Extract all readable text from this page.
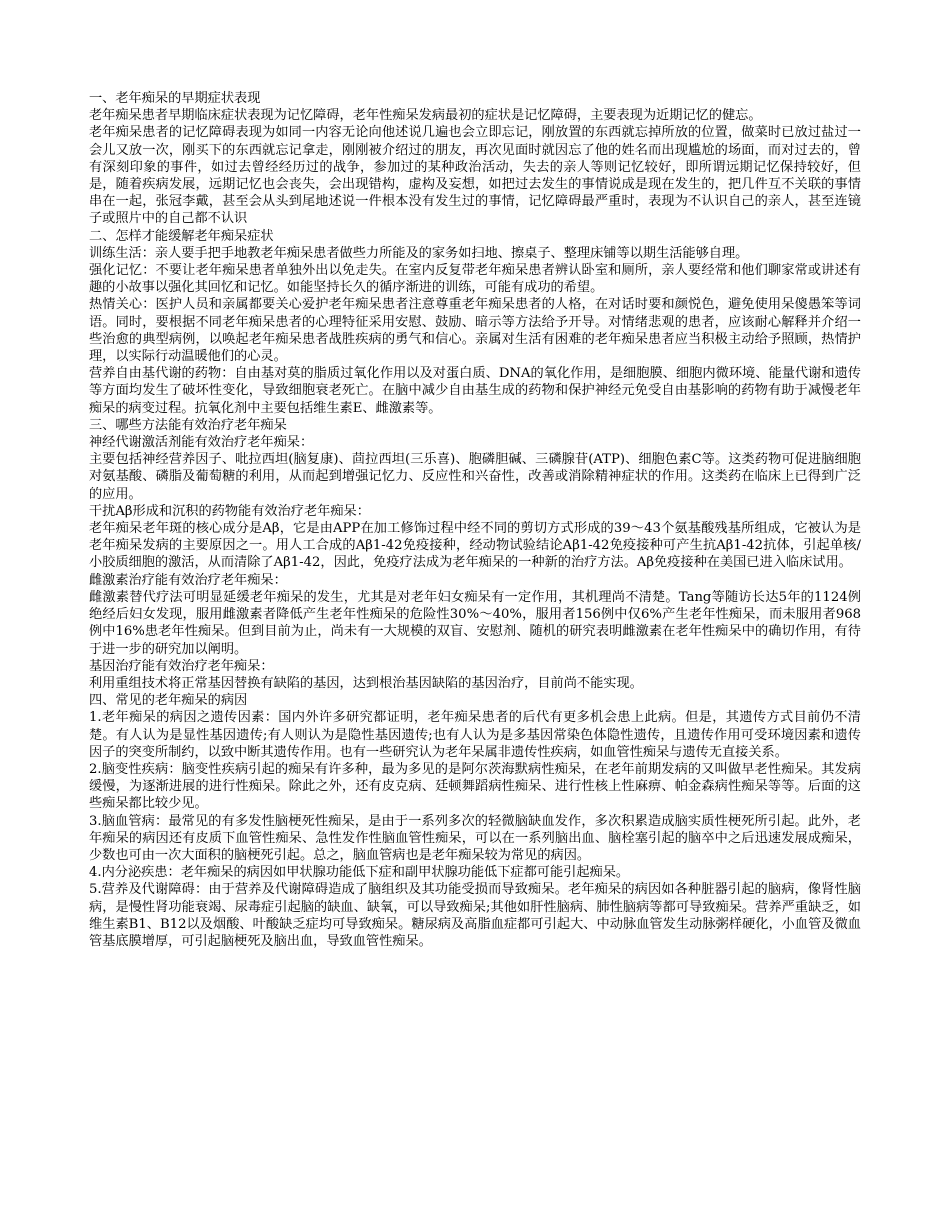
一、老年痴呆的早期症状表现

老年痴呆患者早期临床症状表现为记忆障碍，老年性痴呆发病最初的症状是记忆障碍，主要表现为近期记忆的健忘。

老年痴呆患者的记忆障碍表现为如同一内容无论向他述说几遍也会立即忘记，刚放置的东西就忘掉所放的位置，做菜时已放过盐过一会儿又放一次，刚买下的东西就忘记拿走，刚刚被介绍过的朋友，再次见面时就因忘了他的姓名而出现尴尬的场面，而对过去的，曾有深刻印象的事件，如过去曾经经历过的战争，参加过的某种政治活动，失去的亲人等则记忆较好，即所谓远期记忆保持较好，但是，随着疾病发展，远期记忆也会丧失，会出现错构，虚构及妄想，如把过去发生的事情说成是现在发生的，把几件互不关联的事情串在一起，张冠李戴，甚至会从头到尾地述说一件根本没有发生过的事情，记忆障碍最严重时，表现为不认识自己的亲人，甚至连镜子或照片中的自己都不认识

二、怎样才能缓解老年痴呆症状

训练生活：亲人要手把手地教老年痴呆患者做些力所能及的家务如扫地、擦桌子、整理床铺等以期生活能够自理。

强化记忆：不要让老年痴呆患者单独外出以免走失。在室内反复带老年痴呆患者辨认卧室和厕所，亲人要经常和他们聊家常或讲述有趣的小故事以强化其回忆和记忆。如能坚持长久的循序渐进的训练，可能有成功的希望。

热情关心：医护人员和亲属都要关心爱护老年痴呆患者注意尊重老年痴呆患者的人格，在对话时要和颜悦色，避免使用呆傻愚笨等词语。同时，要根据不同老年痴呆患者的心理特征采用安慰、鼓励、暗示等方法给予开导。对情绪悲观的患者，应该耐心解释并介绍一些治愈的典型病例，以唤起老年痴呆患者战胜疾病的勇气和信心。亲属对生活有困难的老年痴呆患者应当积极主动给予照顾，热情护理，以实际行动温暖他们的心灵。

营养自由基代谢的药物：自由基对莫的脂质过氧化作用以及对蛋白质、DNA的氧化作用，是细胞膜、细胞内微环境、能量代谢和遗传等方面均发生了破坏性变化，导致细胞衰老死亡。在脑中减少自由基生成的药物和保护神经元免受自由基影响的药物有助于减慢老年痴呆的病变过程。抗氧化剂中主要包括维生素E、雌激素等。

三、哪些方法能有效治疗老年痴呆

神经代谢激活剂能有效治疗老年痴呆：

主要包括神经营养因子、吡拉西坦(脑复康)、茴拉西坦(三乐喜)、胞磷胆碱、三磷腺苷(ATP)、细胞色素C等。这类药物可促进脑细胞对氨基酸、磷脂及葡萄糖的利用，从而起到增强记忆力、反应性和兴奋性，改善或消除精神症状的作用。这类药在临床上已得到广泛的应用。

干扰Aβ形成和沉积的药物能有效治疗老年痴呆：

老年痴呆老年斑的核心成分是Aβ，它是由APP在加工修饰过程中经不同的剪切方式形成的39～43个氨基酸残基所组成，它被认为是老年痴呆发病的主要原因之一。用人工合成的Aβ1-42免疫接种，经动物试验结论Aβ1-42免疫接种可产生抗Aβ1-42抗体，引起单核/小胶质细胞的激活，从而清除了Aβ1-42，因此，免疫疗法成为老年痴呆的一种新的治疗方法。Aβ免疫接种在美国已进入临床试用。

雌激素治疗能有效治疗老年痴呆：

雌激素替代疗法可明显延缓老年痴呆的发生，尤其是对老年妇女痴呆有一定作用，其机理尚不清楚。Tang等随访长达5年的1124例绝经后妇女发现，服用雌激素者降低产生老年性痴呆的危险性30%～40%，服用者156例中仅6%产生老年性痴呆，而未服用者968例中16%患老年性痴呆。但到目前为止，尚未有一大规模的双盲、安慰剂、随机的研究表明雌激素在老年性痴呆中的确切作用，有待于进一步的研究加以阐明。

基因治疗能有效治疗老年痴呆：

利用重组技术将正常基因替换有缺陷的基因，达到根治基因缺陷的基因治疗，目前尚不能实现。

四、常见的老年痴呆的病因

1.老年痴呆的病因之遗传因素：国内外许多研究都证明，老年痴呆患者的后代有更多机会患上此病。但是，其遗传方式目前仍不清楚。有人认为是显性基因遗传;有人则认为是隐性基因遗传;也有人认为是多基因常染色体隐性遗传，且遗传作用可受环境因素和遗传因子的突变所制约，以致中断其遗传作用。也有一些研究认为老年呆属非遗传性疾病，如血管性痴呆与遗传无直接关系。

2.脑变性疾病：脑变性疾病引起的痴呆有许多种，最为多见的是阿尔茨海默病性痴呆，在老年前期发病的又叫做早老性痴呆。其发病缓慢，为逐渐进展的进行性痴呆。除此之外，还有皮克病、廷顿舞蹈病性痴呆、进行性核上性麻痹、帕金森病性痴呆等等。后面的这些痴呆都比较少见。

3.脑血管病：最常见的有多发性脑梗死性痴呆，是由于一系列多次的轻微脑缺血发作，多次积累造成脑实质性梗死所引起。此外，老年痴呆的病因还有皮质下血管性痴呆、急性发作性脑血管性痴呆，可以在一系列脑出血、脑栓塞引起的脑卒中之后迅速发展成痴呆，少数也可由一次大面积的脑梗死引起。总之，脑血管病也是老年痴呆较为常见的病因。

4.内分泌疾患：老年痴呆的病因如甲状腺功能低下症和副甲状腺功能低下症都可能引起痴呆。

5.营养及代谢障碍：由于营养及代谢障碍造成了脑组织及其功能受损而导致痴呆。老年痴呆的病因如各种脏器引起的脑病，像肾性脑病，是慢性肾功能衰竭、尿毒症引起脑的缺血、缺氧，可以导致痴呆;其他如肝性脑病、肺性脑病等都可导致痴呆。营养严重缺乏，如维生素B1、B12以及烟酸、叶酸缺乏症均可导致痴呆。糖尿病及高脂血症都可引起大、中动脉血管发生动脉粥样硬化，小血管及微血管基底膜增厚，可引起脑梗死及脑出血，导致血管性痴呆。
